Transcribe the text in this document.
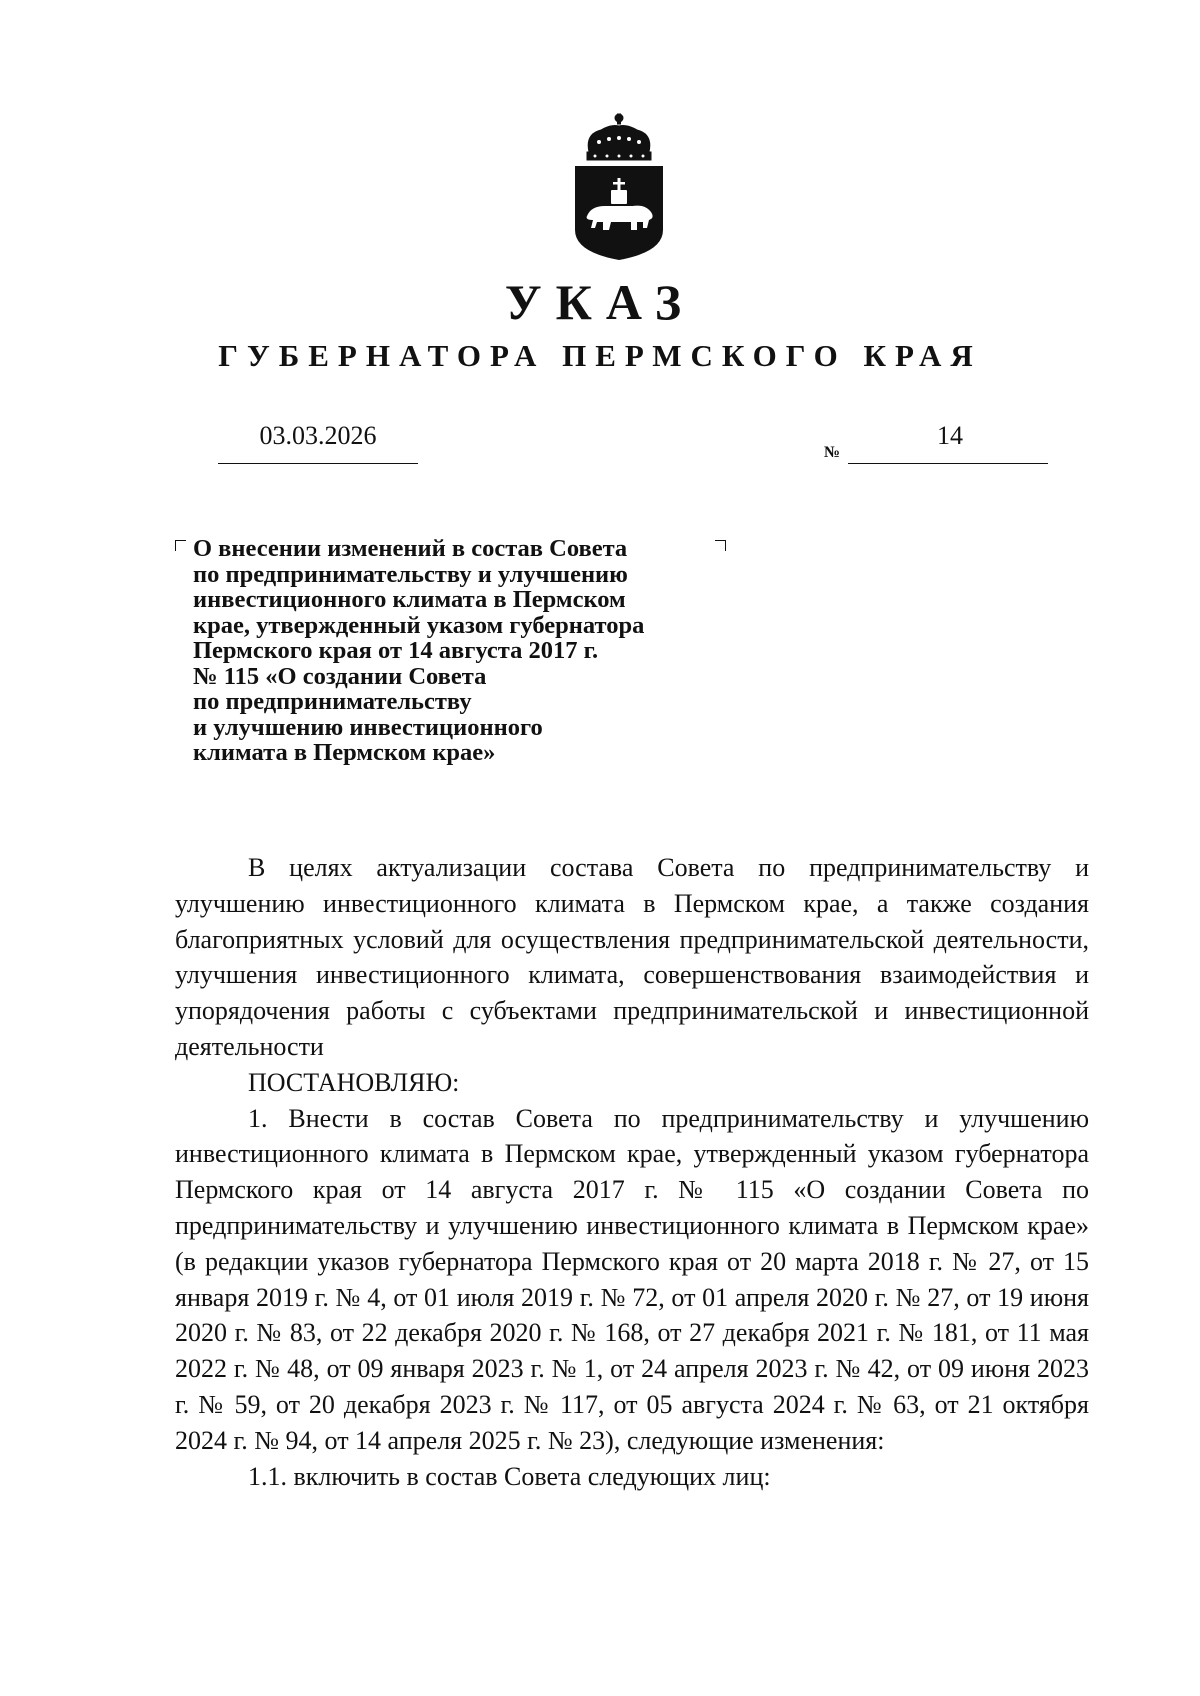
УКАЗ
ГУБЕРНАТОРА ПЕРМСКОГО КРАЯ
03.03.2026
№
14
О внесении изменений в состав Совета
по предпринимательству и улучшению
инвестиционного климата в Пермском
крае, утвержденный указом губернатора
Пермского края от 14 августа 2017 г.
№ 115 «О создании Совета
по предпринимательству
и улучшению инвестиционного
климата в Пермском крае»

В целях актуализации состава Совета по предпринимательству и улучшению инвестиционного климата в Пермском крае, а также создания благоприятных условий для осуществления предпринимательской деятельности, улучшения инвестиционного климата, совершенствования взаимодействия и упорядочения работы с субъектами предпринимательской и инвестиционной деятельности

ПОСТАНОВЛЯЮ:

1. Внести в состав Совета по предпринимательству и улучшению инвестиционного климата в Пермском крае, утвержденный указом губернатора Пермского края от 14 августа 2017 г. № 115 «О создании Совета по предпринимательству и улучшению инвестиционного климата в Пермском крае» (в редакции указов губернатора Пермского края от 20 марта 2018 г. № 27, от 15 января 2019 г. № 4, от 01 июля 2019 г. № 72, от 01 апреля 2020 г. № 27, от 19 июня 2020 г. № 83, от 22 декабря 2020 г. № 168, от 27 декабря 2021 г. № 181, от 11 мая 2022 г. № 48, от 09 января 2023 г. № 1, от 24 апреля 2023 г. № 42, от 09 июня 2023 г. № 59, от 20 декабря 2023 г. № 117, от 05 августа 2024 г. № 63, от 21 октября 2024 г. № 94, от 14 апреля 2025 г. № 23), следующие изменения:

1.1. включить в состав Совета следующих лиц:
